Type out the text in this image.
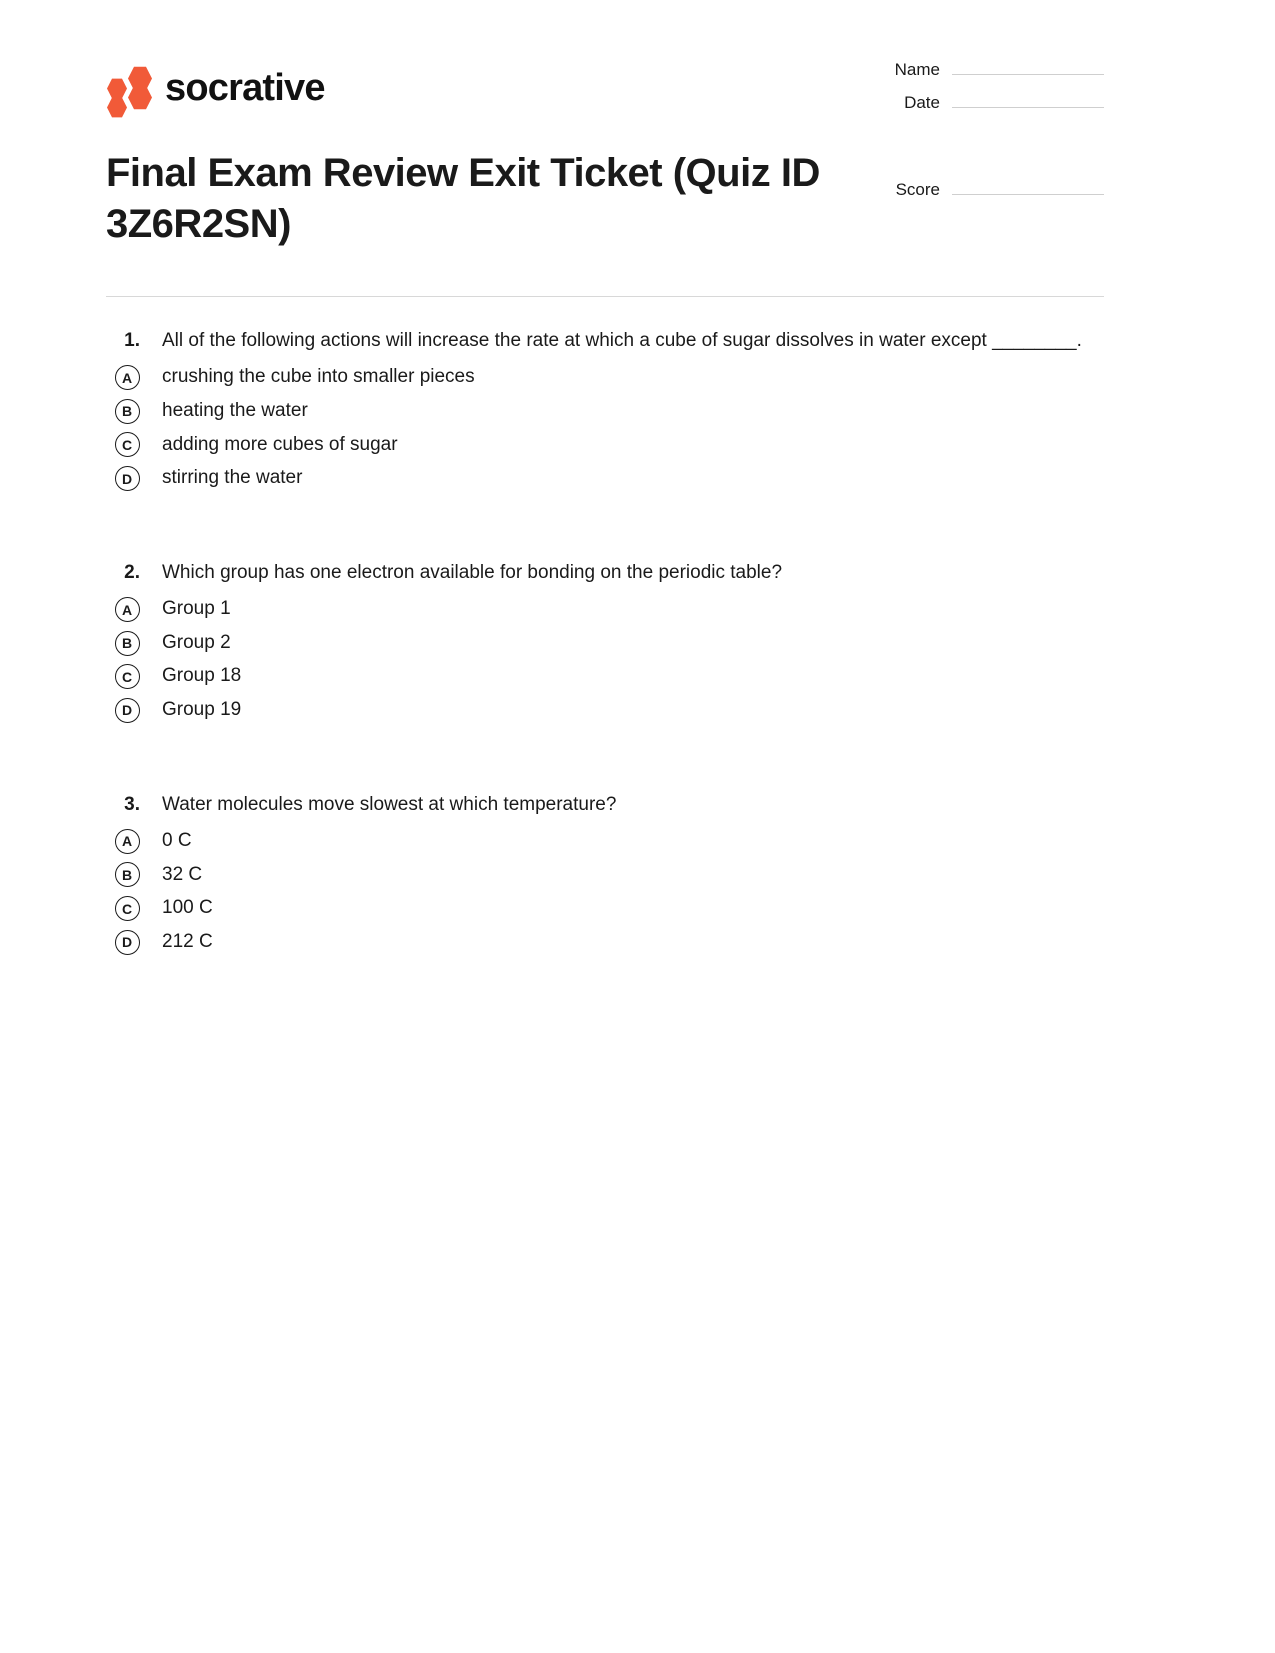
socrative
Final Exam Review Exit Ticket (Quiz ID 3Z6R2SN)
Name
Date
Score
1.	All of the following actions will increase the rate at which a cube of sugar dissolves in water except ________.
A	crushing the cube into smaller pieces
B	heating the water
C	adding more cubes of sugar
D	stirring the water
2.	Which group has one electron available for bonding on the periodic table?
A	Group 1
B	Group 2
C	Group 18
D	Group 19
3.	Water molecules move slowest at which temperature?
A	0 C
B	32 C
C	100 C
D	212 C
